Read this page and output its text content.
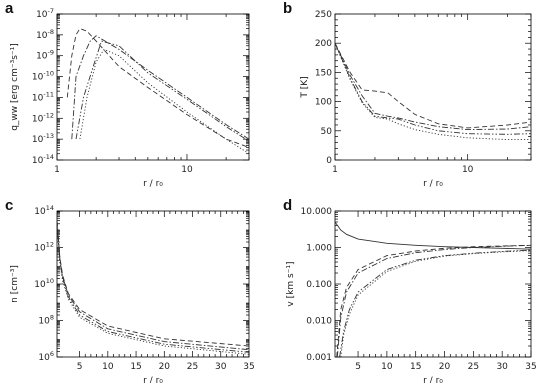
a
1	10
$10^{-14}$
$10^{-13}$
$10^{-12}$
$10^{-11}$
$10^{-10}$
$10^{-9}$
$10^{-8}$
$10^{-7}$
r / r₀
q_ww [erg cm⁻³s⁻¹]
b
1	10
0
50
100
150
200
250
r / r₀
T [K]
c
5 10 15 20 25 30 35
$10^6$
$10^8$
$10^{10}$
$10^{12}$
$10^{14}$
r / r₀
n [cm⁻³]
d
5 10 15 20 25 30 35
0.001
0.010
0.100
1.000
10.000
r / r₀
v [km s⁻¹]
